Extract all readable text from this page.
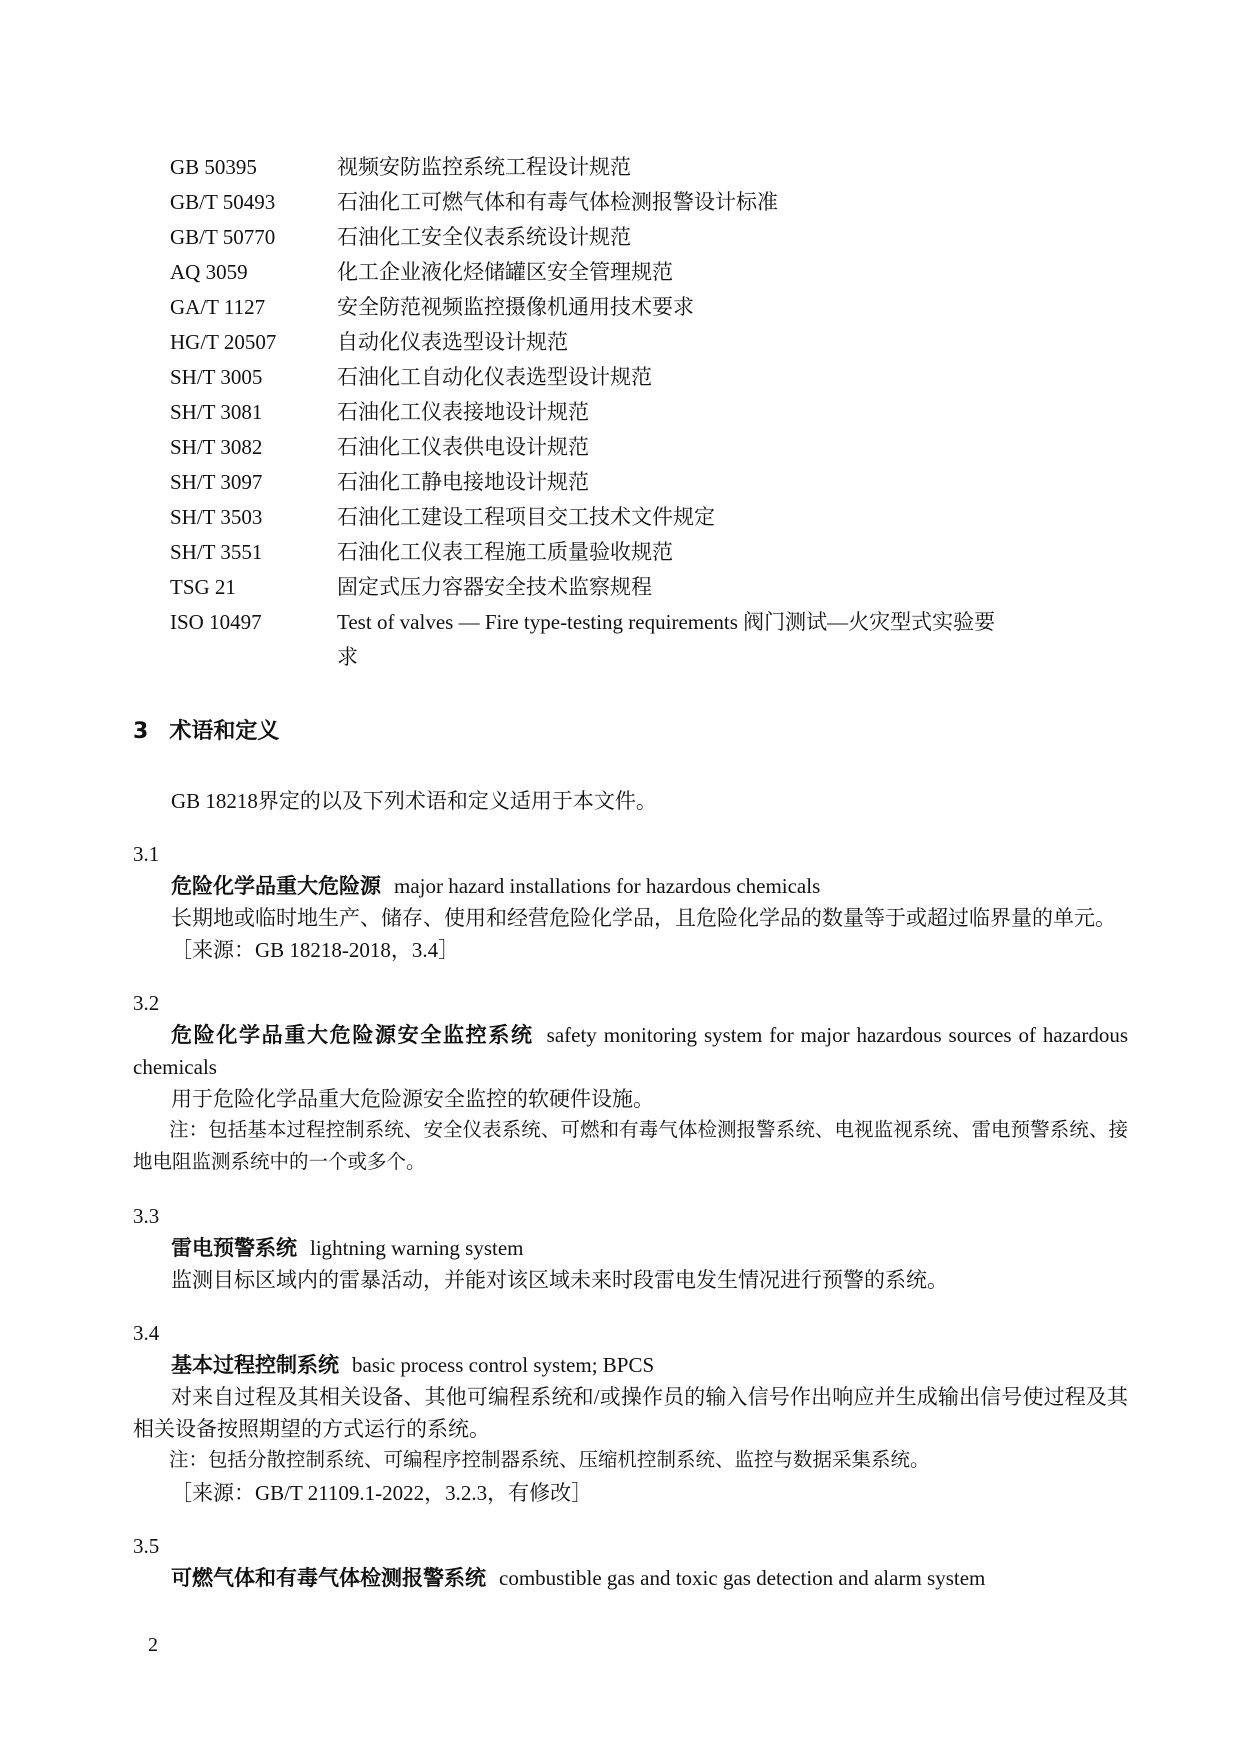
GB 50395	视频安防监控系统工程设计规范
GB/T 50493	石油化工可燃气体和有毒气体检测报警设计标准
GB/T 50770	石油化工安全仪表系统设计规范
AQ 3059	化工企业液化烃储罐区安全管理规范
GA/T 1127	安全防范视频监控摄像机通用技术要求
HG/T 20507	自动化仪表选型设计规范
SH/T 3005	石油化工自动化仪表选型设计规范
SH/T 3081	石油化工仪表接地设计规范
SH/T 3082	石油化工仪表供电设计规范
SH/T 3097	石油化工静电接地设计规范
SH/T 3503	石油化工建设工程项目交工技术文件规定
SH/T 3551	石油化工仪表工程施工质量验收规范
TSG 21	固定式压力容器安全技术监察规程
ISO 10497	Test of valves — Fire type-testing requirements 阀门测试—火灾型式实验要求
3 术语和定义

GB 18218界定的以及下列术语和定义适用于本文件。

3.1
危险化学品重大危险源 major hazard installations for hazardous chemicals

长期地或临时地生产、储存、使用和经营危险化学品，且危险化学品的数量等于或超过临界量的单元。

［来源：GB 18218-2018，3.4］

3.2
危险化学品重大危险源安全监控系统 safety monitoring system for major hazardous sources of hazardous chemicals

用于危险化学品重大危险源安全监控的软硬件设施。

注：包括基本过程控制系统、安全仪表系统、可燃和有毒气体检测报警系统、电视监视系统、雷电预警系统、接地电阻监测系统中的一个或多个。

3.3
雷电预警系统 lightning warning system

监测目标区域内的雷暴活动，并能对该区域未来时段雷电发生情况进行预警的系统。

3.4
基本过程控制系统 basic process control system; BPCS

对来自过程及其相关设备、其他可编程系统和/或操作员的输入信号作出响应并生成输出信号使过程及其相关设备按照期望的方式运行的系统。

注：包括分散控制系统、可编程序控制器系统、压缩机控制系统、监控与数据采集系统。

［来源：GB/T 21109.1-2022，3.2.3，有修改］

3.5
可燃气体和有毒气体检测报警系统 combustible gas and toxic gas detection and alarm system
2
